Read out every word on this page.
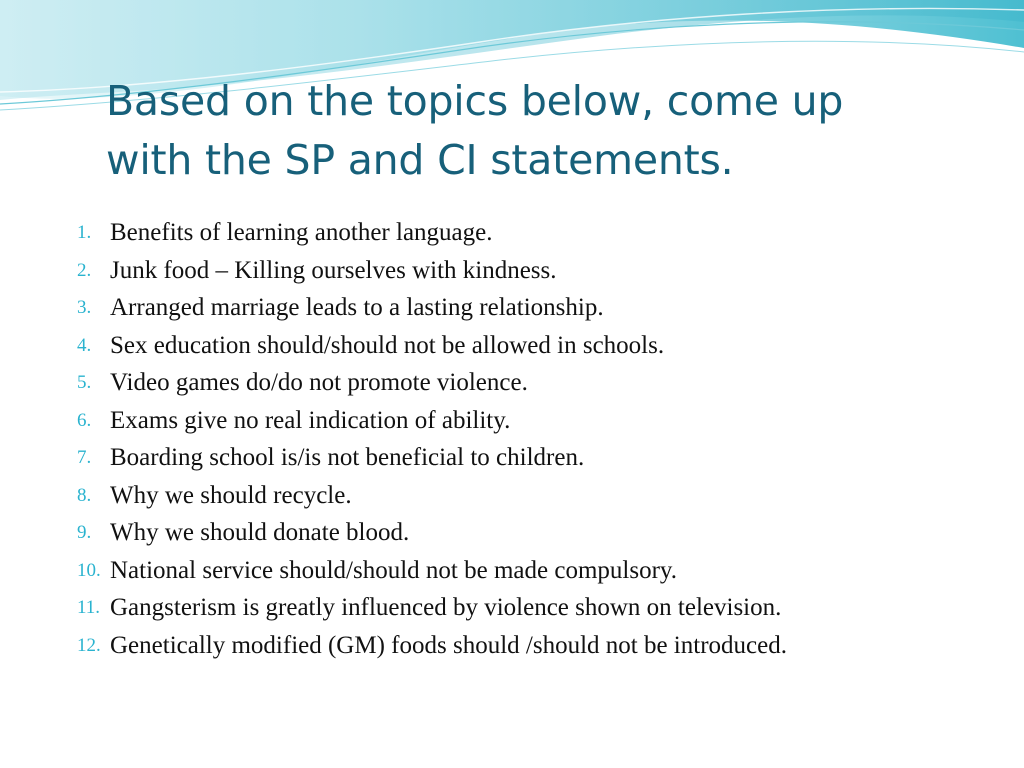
Based on the topics below, come up
with the SP and CI statements.
1. Benefits of learning another language.
2. Junk food – Killing ourselves with kindness.
3. Arranged marriage leads to a lasting relationship.
4. Sex education should/should not be allowed in schools.
5. Video games do/do not promote violence.
6. Exams give no real indication of ability.
7. Boarding school is/is not beneficial to children.
8. Why we should recycle.
9. Why we should donate blood.
10. National service should/should not be made compulsory.
11. Gangsterism is greatly influenced by violence shown on television.
12. Genetically modified (GM) foods should /should not be introduced.
